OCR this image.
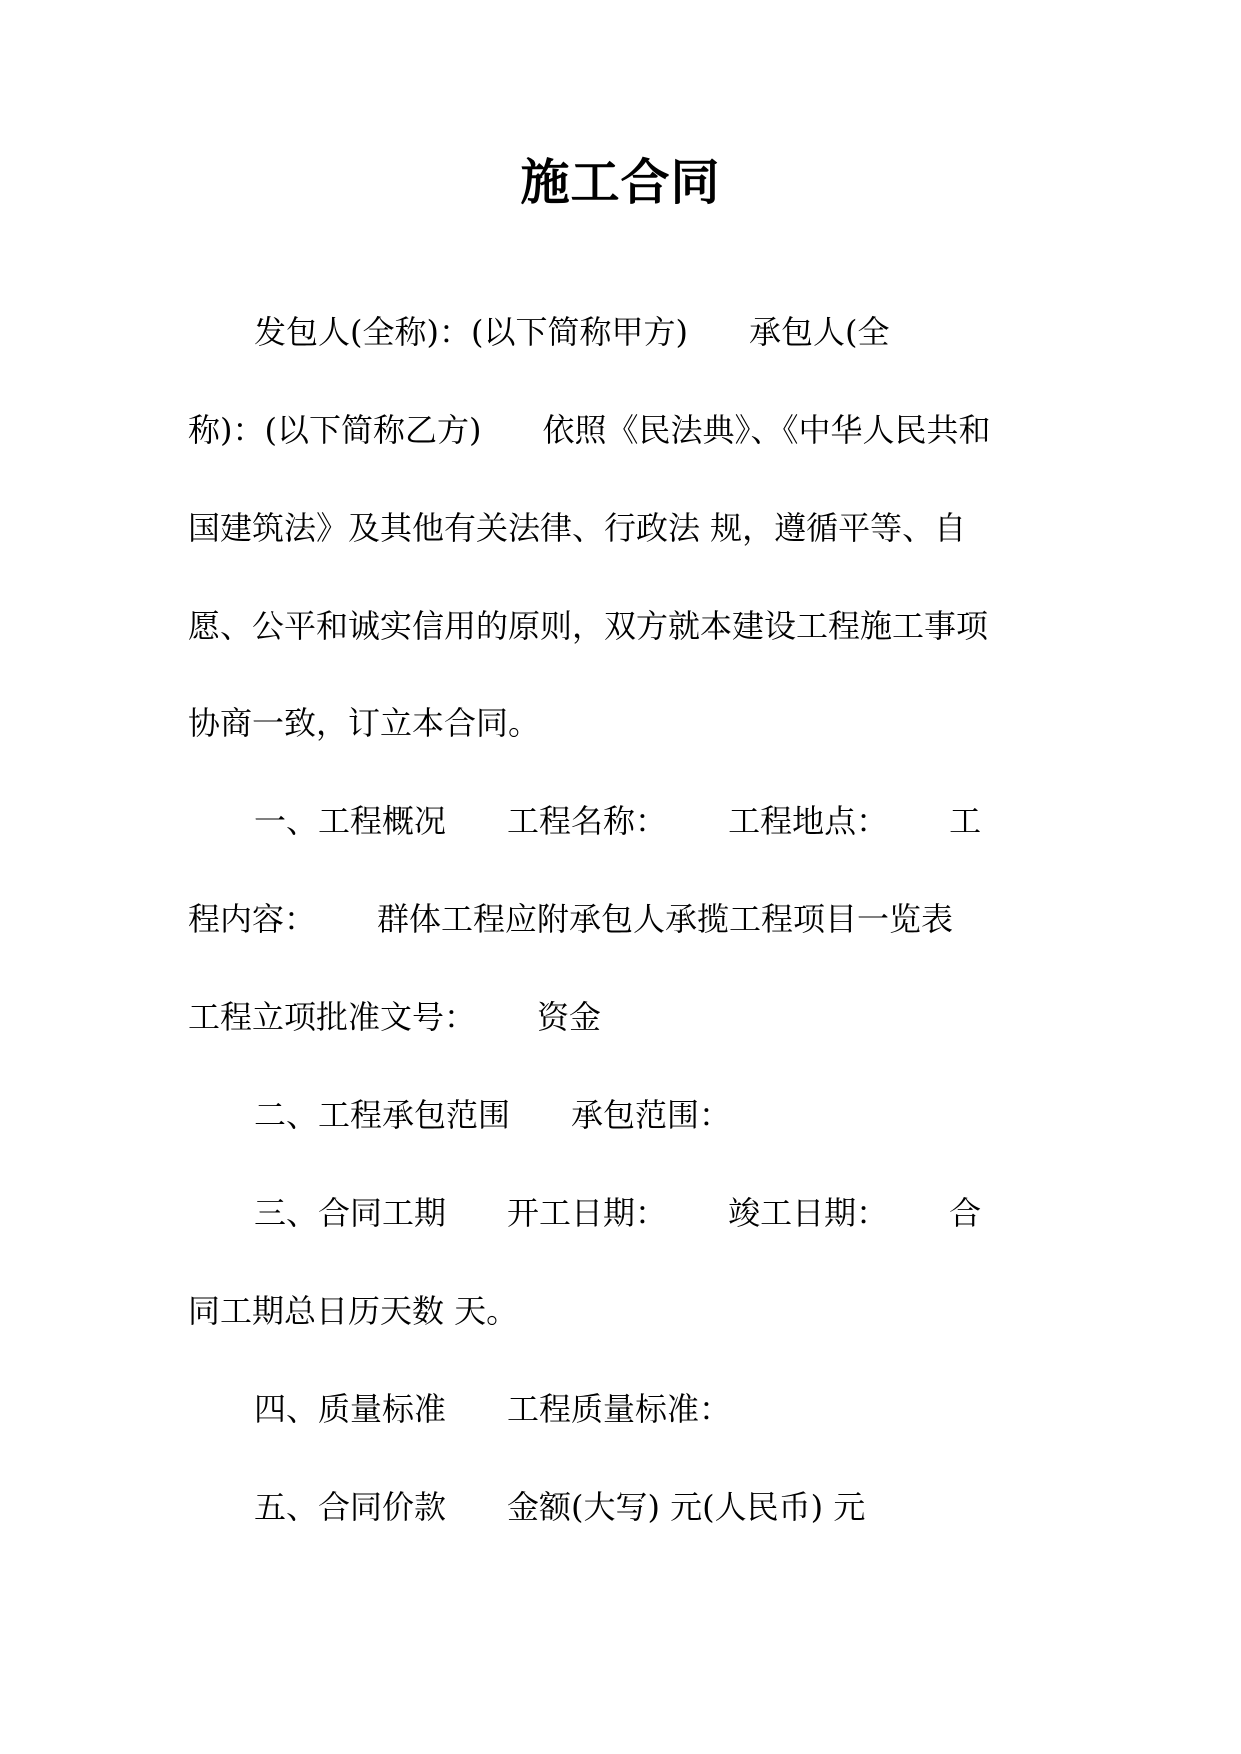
施工合同
发包人(全称)：(以下简称甲方)      承包人(全
称)：(以下简称乙方)      依照《民法典》、《中华人民共和
国建筑法》及其他有关法律、行政法 规，遵循平等、自
愿、公平和诚实信用的原则，双方就本建设工程施工事项
协商一致，订立本合同。
一、工程概况      工程名称：      工程地点：      工
程内容：      群体工程应附承包人承揽工程项目一览表
工程立项批准文号：      资金
二、工程承包范围      承包范围：
三、合同工期      开工日期：      竣工日期：      合
同工期总日历天数 天。
四、质量标准      工程质量标准：
五、合同价款      金额(大写) 元(人民币) 元
